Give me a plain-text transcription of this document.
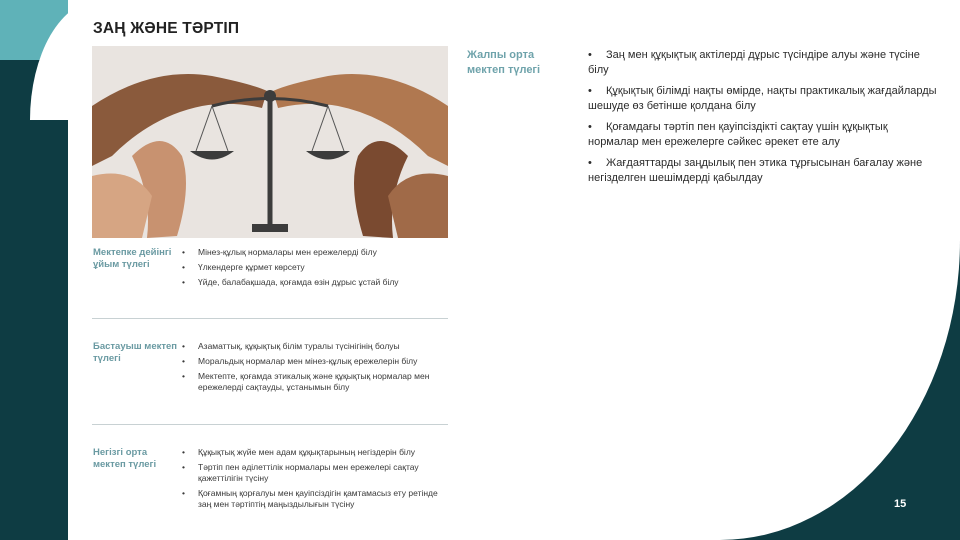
ЗАҢ ЖӘНЕ ТӘРТІП
Мектепке дейінгі ұйым түлегі
• Мінез-құлық нормалары мен ережелерді білу
• Үлкендерге құрмет көрсету
• Үйде, балабақшада, қоғамда өзін дұрыс ұстай білу
Бастауыш мектеп түлегі
• Азаматтық, құқықтық білім туралы түсінігінің болуы
• Моральдық нормалар мен мінез-құлық ережелерін білу
• Мектепте, қоғамда этикалық және құқықтық нормалар мен ережелерді сақтауды, ұстанымын білу
Негізгі орта мектеп түлегі
• Құқықтық жүйе мен адам құқықтарының негіздерін білу
• Тәртіп пен әділеттілік нормалары мен ережелері сақтау қажеттілігін түсіну
• Қоғамның қорғалуы мен қауіпсіздігін қамтамасыз ету ретінде заң мен тәртіптің маңыздылығын түсіну
Жалпы орта мектеп түлегі
• Заң мен құқықтық актілерді дұрыс түсіндіре алуы және түсіне білу
• Құқықтық білімді нақты өмірде, нақты практикалық жағдайларды шешуде өз бетінше қолдана білу
• Қоғамдағы тәртіп пен қауіпсіздікті сақтау үшін құқықтық нормалар мен ережелерге сәйкес әрекет ете алу
• Жағдаяттарды заңдылық пен этика тұрғысынан бағалау және негізделген шешімдерді қабылдау
15
